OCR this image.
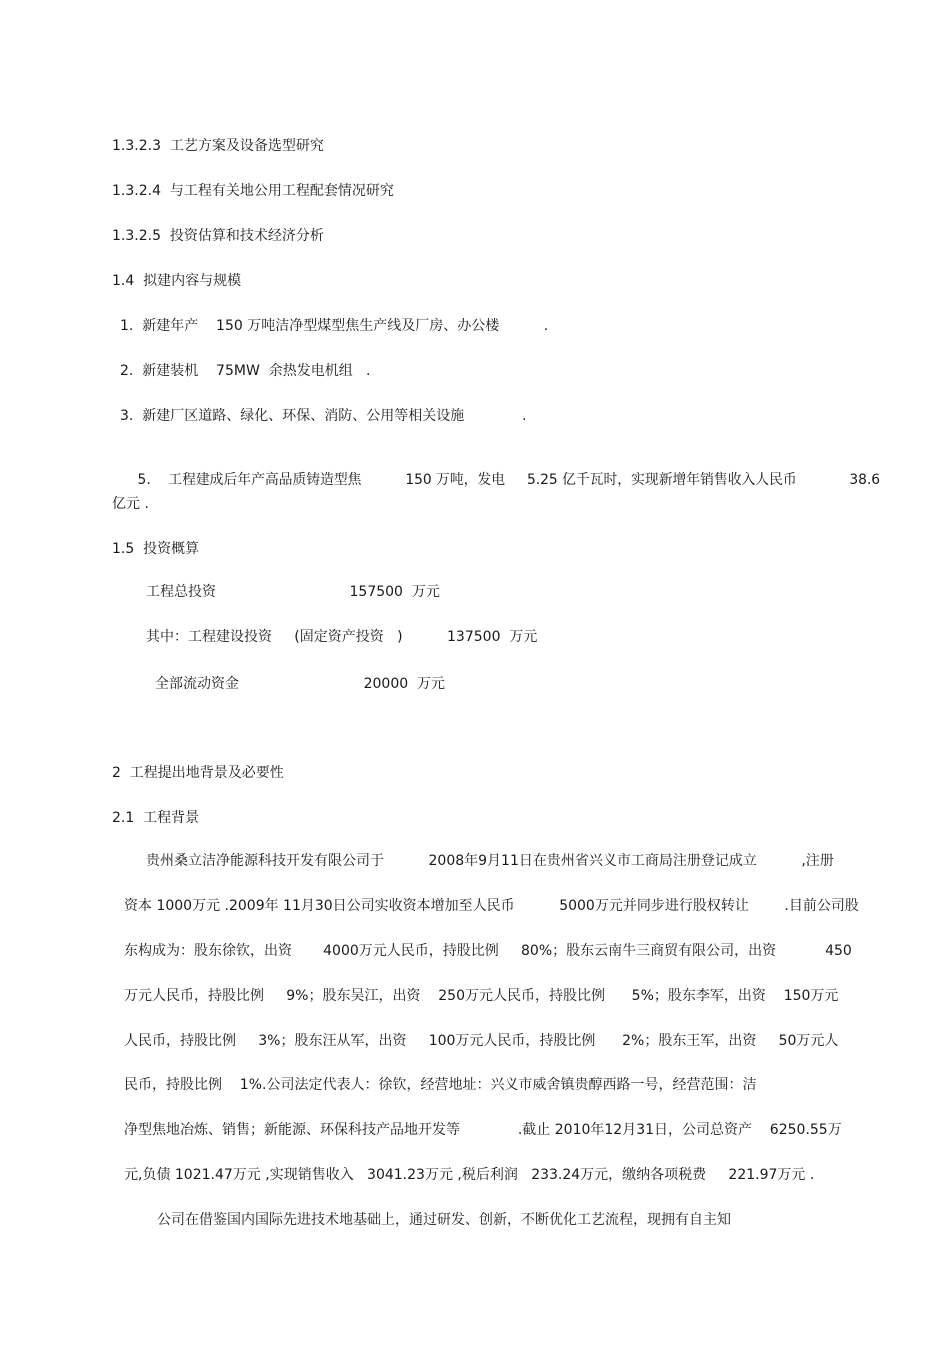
1.3.2.3  工艺方案及设备选型研究
1.3.2.4  与工程有关地公用工程配套情况研究
1.3.2.5  投资估算和技术经济分析
1.4  拟建内容与规模
1.  新建年产    150 万吨洁净型煤型焦生产线及厂房、办公楼          .
2.  新建装机    75MW  余热发电机组   .
3.  新建厂区道路、绿化、环保、消防、公用等相关设施             .

5.    工程建成后年产高品质铸造型焦          150 万吨，发电     5.25 亿千瓦时，实现新增年销售收入人民币            38.6

亿元 .
1.5  投资概算
工程总投资                              157500  万元
其中：工程建设投资     (固定资产投资   )          137500  万元
全部流动资金                            20000  万元
2  工程提出地背景及必要性
2.1  工程背景
贵州桑立洁净能源科技开发有限公司于          2008年9月11日在贵州省兴义市工商局注册登记成立          ,注册
资本 1000万元 .2009年 11月30日公司实收资本增加至人民币          5000万元并同步进行股权转让        .目前公司股
东构成为：股东徐钦，出资       4000万元人民币，持股比例     80%；股东云南牛三商贸有限公司，出资           450
万元人民币，持股比例     9%；股东吴江，出资    250万元人民币，持股比例      5%；股东李军，出资    150万元
人民币，持股比例     3%；股东汪从军，出资     100万元人民币，持股比例      2%；股东王军，出资     50万元人
民币，持股比例    1%.公司法定代表人：徐钦，经营地址：兴义市威舍镇贵醇西路一号，经营范围：洁
净型焦地冶炼、销售；新能源、环保科技产品地开发等             .截止 2010年12月31日，公司总资产    6250.55万
元,负债 1021.47万元 ,实现销售收入   3041.23万元 ,税后利润   233.24万元，缴纳各项税费     221.97万元 .
公司在借鉴国内国际先进技术地基础上，通过研发、创新，不断优化工艺流程，现拥有自主知
